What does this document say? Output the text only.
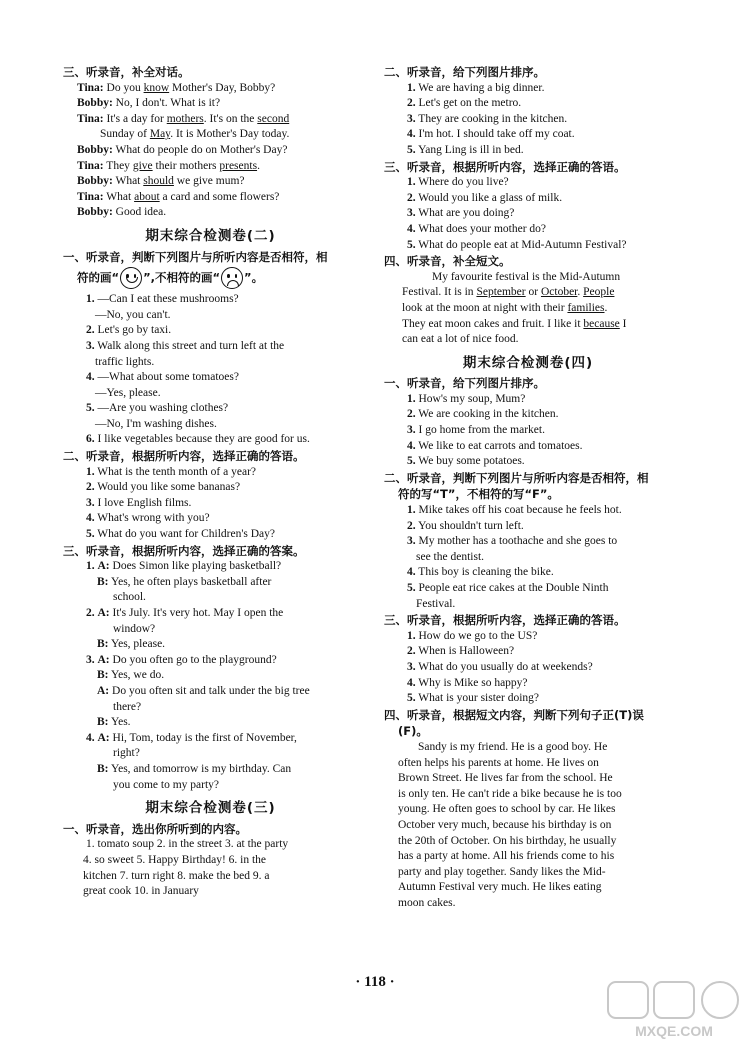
三、听录音，补全对话。
Tina: Do you know Mother's Day, Bobby?
Bobby: No, I don't. What is it?
Tina: It's a day for mothers. It's on the second
Sunday of May. It is Mother's Day today.
Bobby: What do people do on Mother's Day?
Tina: They give their mothers presents.
Bobby: What should we give mum?
Tina: What about a card and some flowers?
Bobby: Good idea.
期末综合检测卷(二)
一、听录音，判断下列图片与所听内容是否相符，相
符的画“ ”,不相符的画“ ”。
1. —Can I eat these mushrooms?
—No, you can't.
2. Let's go by taxi.
3. Walk along this street and turn left at the
traffic lights.
4. —What about some tomatoes?
—Yes, please.
5. —Are you washing clothes?
—No, I'm washing dishes.
6. I like vegetables because they are good for us.
二、听录音，根据所听内容，选择正确的答语。
1. What is the tenth month of a year?
2. Would you like some bananas?
3. I love English films.
4. What's wrong with you?
5. What do you want for Children's Day?
三、听录音，根据所听内容，选择正确的答案。
1. A: Does Simon like playing basketball?
B: Yes, he often plays basketball after
school.
2. A: It's July. It's very hot. May I open the
window?
B: Yes, please.
3. A: Do you often go to the playground?
B: Yes, we do.
A: Do you often sit and talk under the big tree
there?
B: Yes.
4. A: Hi, Tom, today is the first of November,
right?
B: Yes, and tomorrow is my birthday. Can
you come to my party?
期末综合检测卷(三)
一、听录音，选出你所听到的内容。
1. tomato soup 2. in the street 3. at the party
4. so sweet 5. Happy Birthday! 6. in the
kitchen 7. turn right 8. make the bed 9. a
great cook 10. in January
二、听录音，给下列图片排序。
1. We are having a big dinner.
2. Let's get on the metro.
3. They are cooking in the kitchen.
4. I'm hot. I should take off my coat.
5. Yang Ling is ill in bed.
三、听录音，根据所听内容，选择正确的答语。
1. Where do you live?
2. Would you like a glass of milk.
3. What are you doing?
4. What does your mother do?
5. What do people eat at Mid-Autumn Festival?
四、听录音，补全短文。
My favourite festival is the Mid-Autumn
Festival. It is in September or October. People
look at the moon at night with their families.
They eat moon cakes and fruit. I like it because I
can eat a lot of nice food.
期末综合检测卷(四)
一、听录音，给下列图片排序。
1. How's my soup, Mum?
2. We are cooking in the kitchen.
3. I go home from the market.
4. We like to eat carrots and tomatoes.
5. We buy some potatoes.
二、听录音，判断下列图片与所听内容是否相符，相
符的写“T”，不相符的写“F”。
1. Mike takes off his coat because he feels hot.
2. You shouldn't turn left.
3. My mother has a toothache and she goes to
see the dentist.
4. This boy is cleaning the bike.
5. People eat rice cakes at the Double Ninth
Festival.
三、听录音，根据所听内容，选择正确的答语。
1. How do we go to the US?
2. When is Halloween?
3. What do you usually do at weekends?
4. Why is Mike so happy?
5. What is your sister doing?
四、听录音，根据短文内容，判断下列句子正(T)误
(F)。
Sandy is my friend. He is a good boy. He
often helps his parents at home. He lives on
Brown Street. He lives far from the school. He
is only ten. He can't ride a bike because he is too
young. He often goes to school by car. He likes
October very much, because his birthday is on
the 20th of October. On his birthday, he usually
has a party at home. All his friends come to his
party and play together. Sandy likes the Mid-
Autumn Festival very much. He likes eating
moon cakes.
· 118 ·
MXQE.COM
